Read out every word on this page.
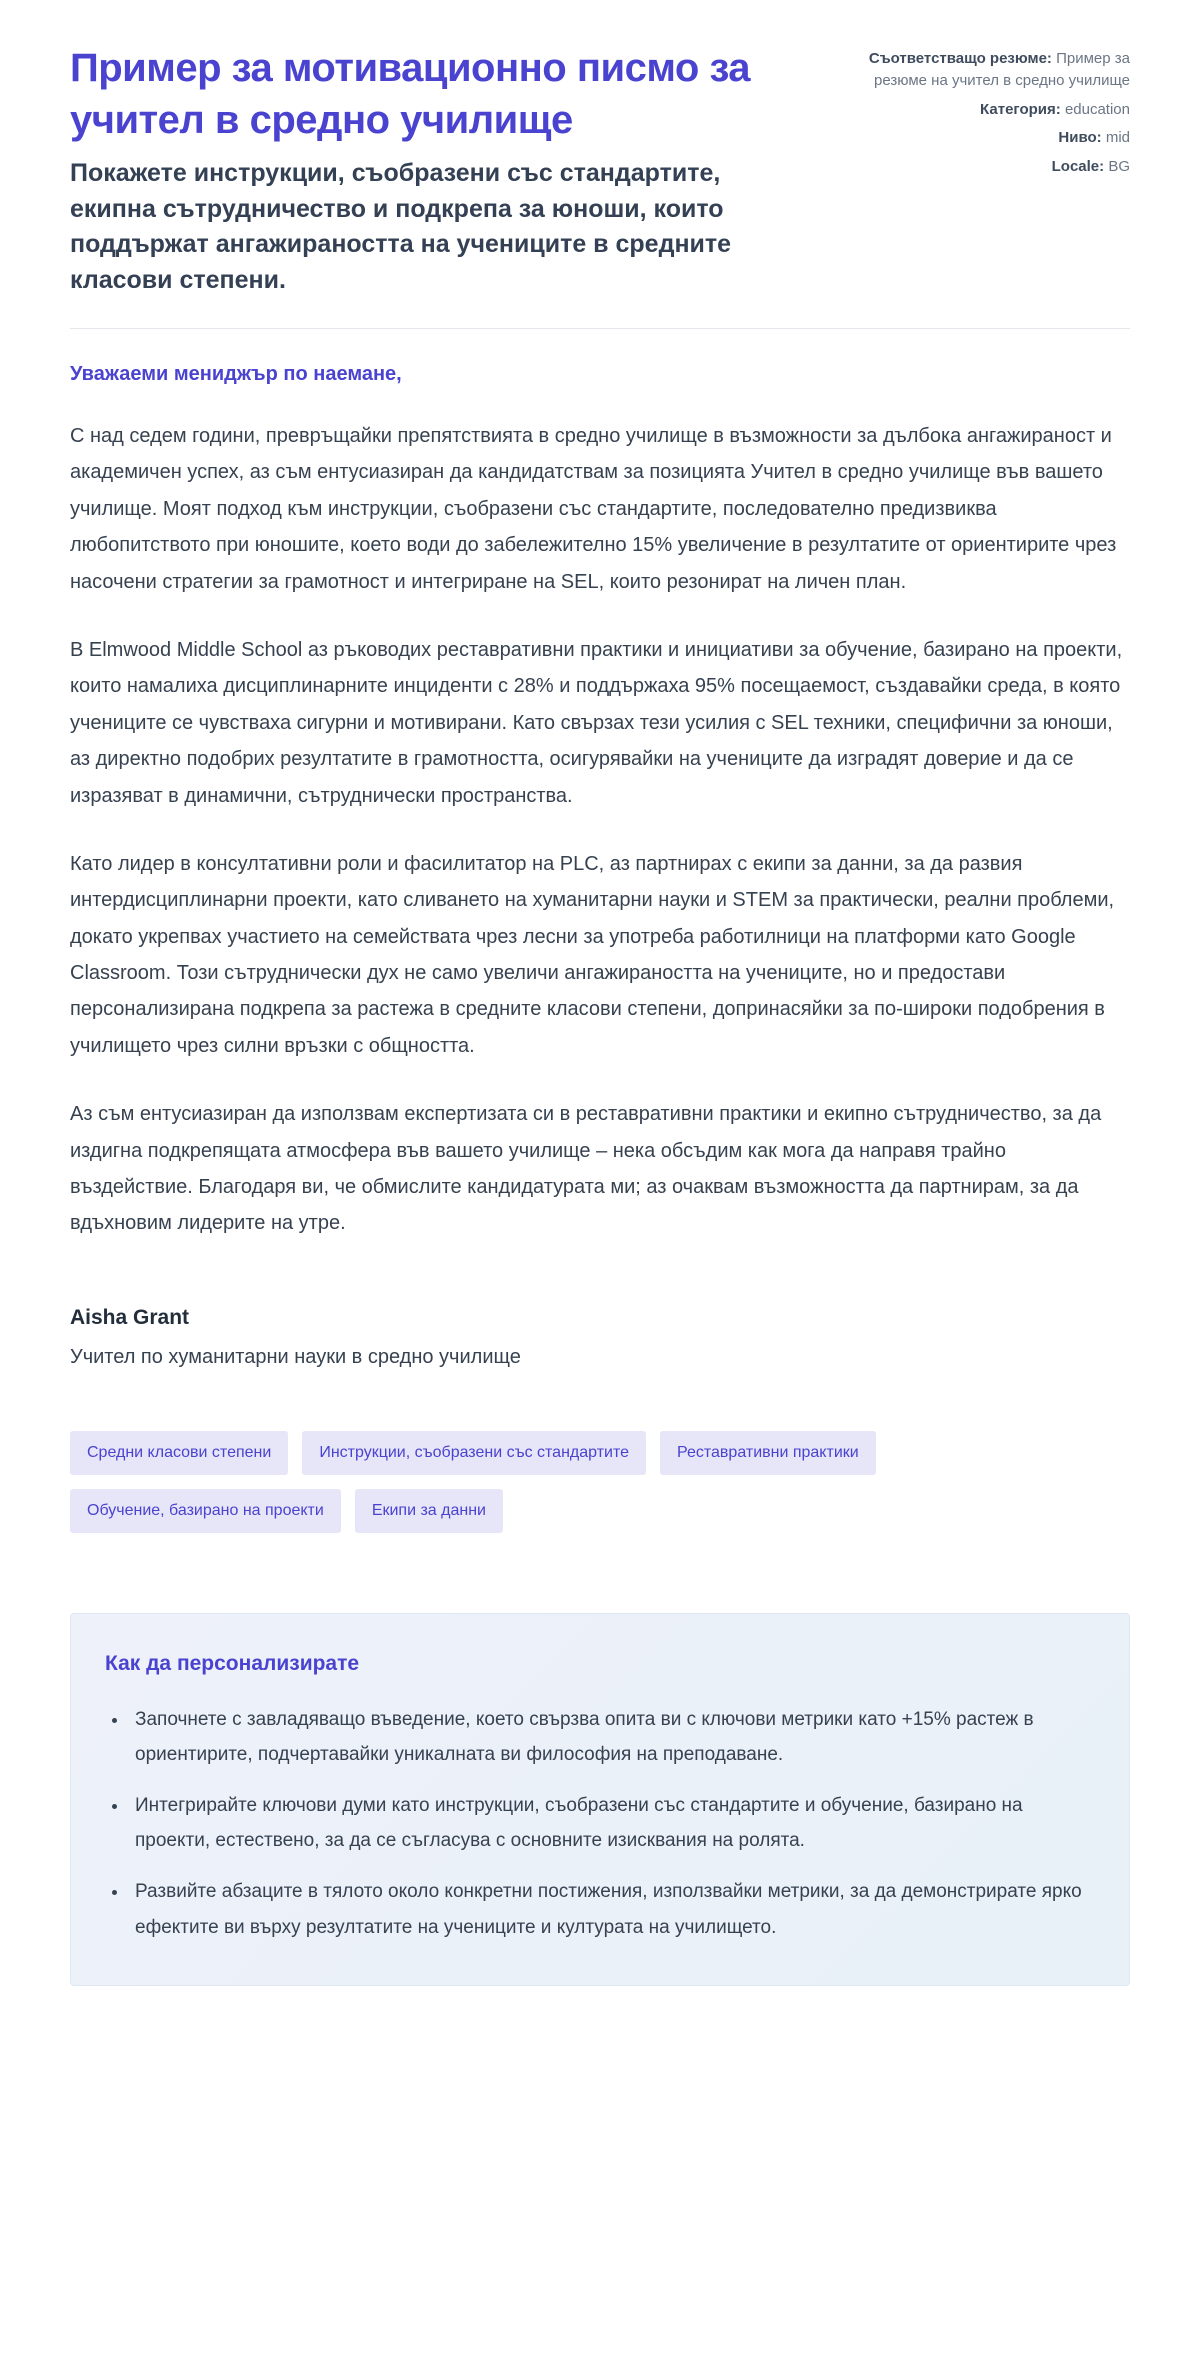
Пример за мотивационно писмо за учител в средно училище
Покажете инструкции, съобразени със стандартите, екипна сътрудничество и подкрепа за юноши, които поддържат ангажираността на учениците в средните класови степени.
Съответстващо резюме: Пример за резюме на учител в средно училище
Категория: education
Ниво: mid
Locale: BG
Уважаеми мениджър по наемане,

С над седем години, превръщайки препятствията в средно училище в възможности за дълбока ангажираност и академичен успех, аз съм ентусиазиран да кандидатствам за позицията Учител в средно училище във вашето училище. Моят подход към инструкции, съобразени със стандартите, последователно предизвиква любопитството при юношите, което води до забележително 15% увеличение в резултатите от ориентирите чрез насочени стратегии за грамотност и интегриране на SEL, които резонират на личен план.

В Elmwood Middle School аз ръководих реставративни практики и инициативи за обучение, базирано на проекти, които намалиха дисциплинарните инциденти с 28% и поддържаха 95% посещаемост, създавайки среда, в която учениците се чувстваха сигурни и мотивирани. Като свързах тези усилия с SEL техники, специфични за юноши, аз директно подобрих резултатите в грамотността, осигурявайки на учениците да изградят доверие и да се изразяват в динамични, сътруднически пространства.

Като лидер в консултативни роли и фасилитатор на PLC, аз партнирах с екипи за данни, за да развия интердисциплинарни проекти, като сливането на хуманитарни науки и STEM за практически, реални проблеми, докато укрепвах участието на семействата чрез лесни за употреба работилници на платформи като Google Classroom. Този сътруднически дух не само увеличи ангажираността на учениците, но и предостави персонализирана подкрепа за растежа в средните класови степени, допринасяйки за по-широки подобрения в училището чрез силни връзки с общността.

Аз съм ентусиазиран да използвам експертизата си в реставративни практики и екипно сътрудничество, за да издигна подкрепящата атмосфера във вашето училище – нека обсъдим как мога да направя трайно въздействие. Благодаря ви, че обмислите кандидатурата ми; аз очаквам възможността да партнирам, за да вдъхновим лидерите на утре.

Aisha Grant
Учител по хуманитарни науки в средно училище
Средни класови степени	Инструкции, съобразени със стандартите	Реставративни практики
Обучение, базирано на проекти	Екипи за данни
Как да персонализирате
• Започнете с завладяващо въведение, което свързва опита ви с ключови метрики като +15% растеж в ориентирите, подчертавайки уникалната ви философия на преподаване.
• Интегрирайте ключови думи като инструкции, съобразени със стандартите и обучение, базирано на проекти, естествено, за да се съгласува с основните изисквания на ролята.
• Развийте абзаците в тялото около конкретни постижения, използвайки метрики, за да демонстрирате ярко ефектите ви върху резултатите на учениците и културата на училището.
